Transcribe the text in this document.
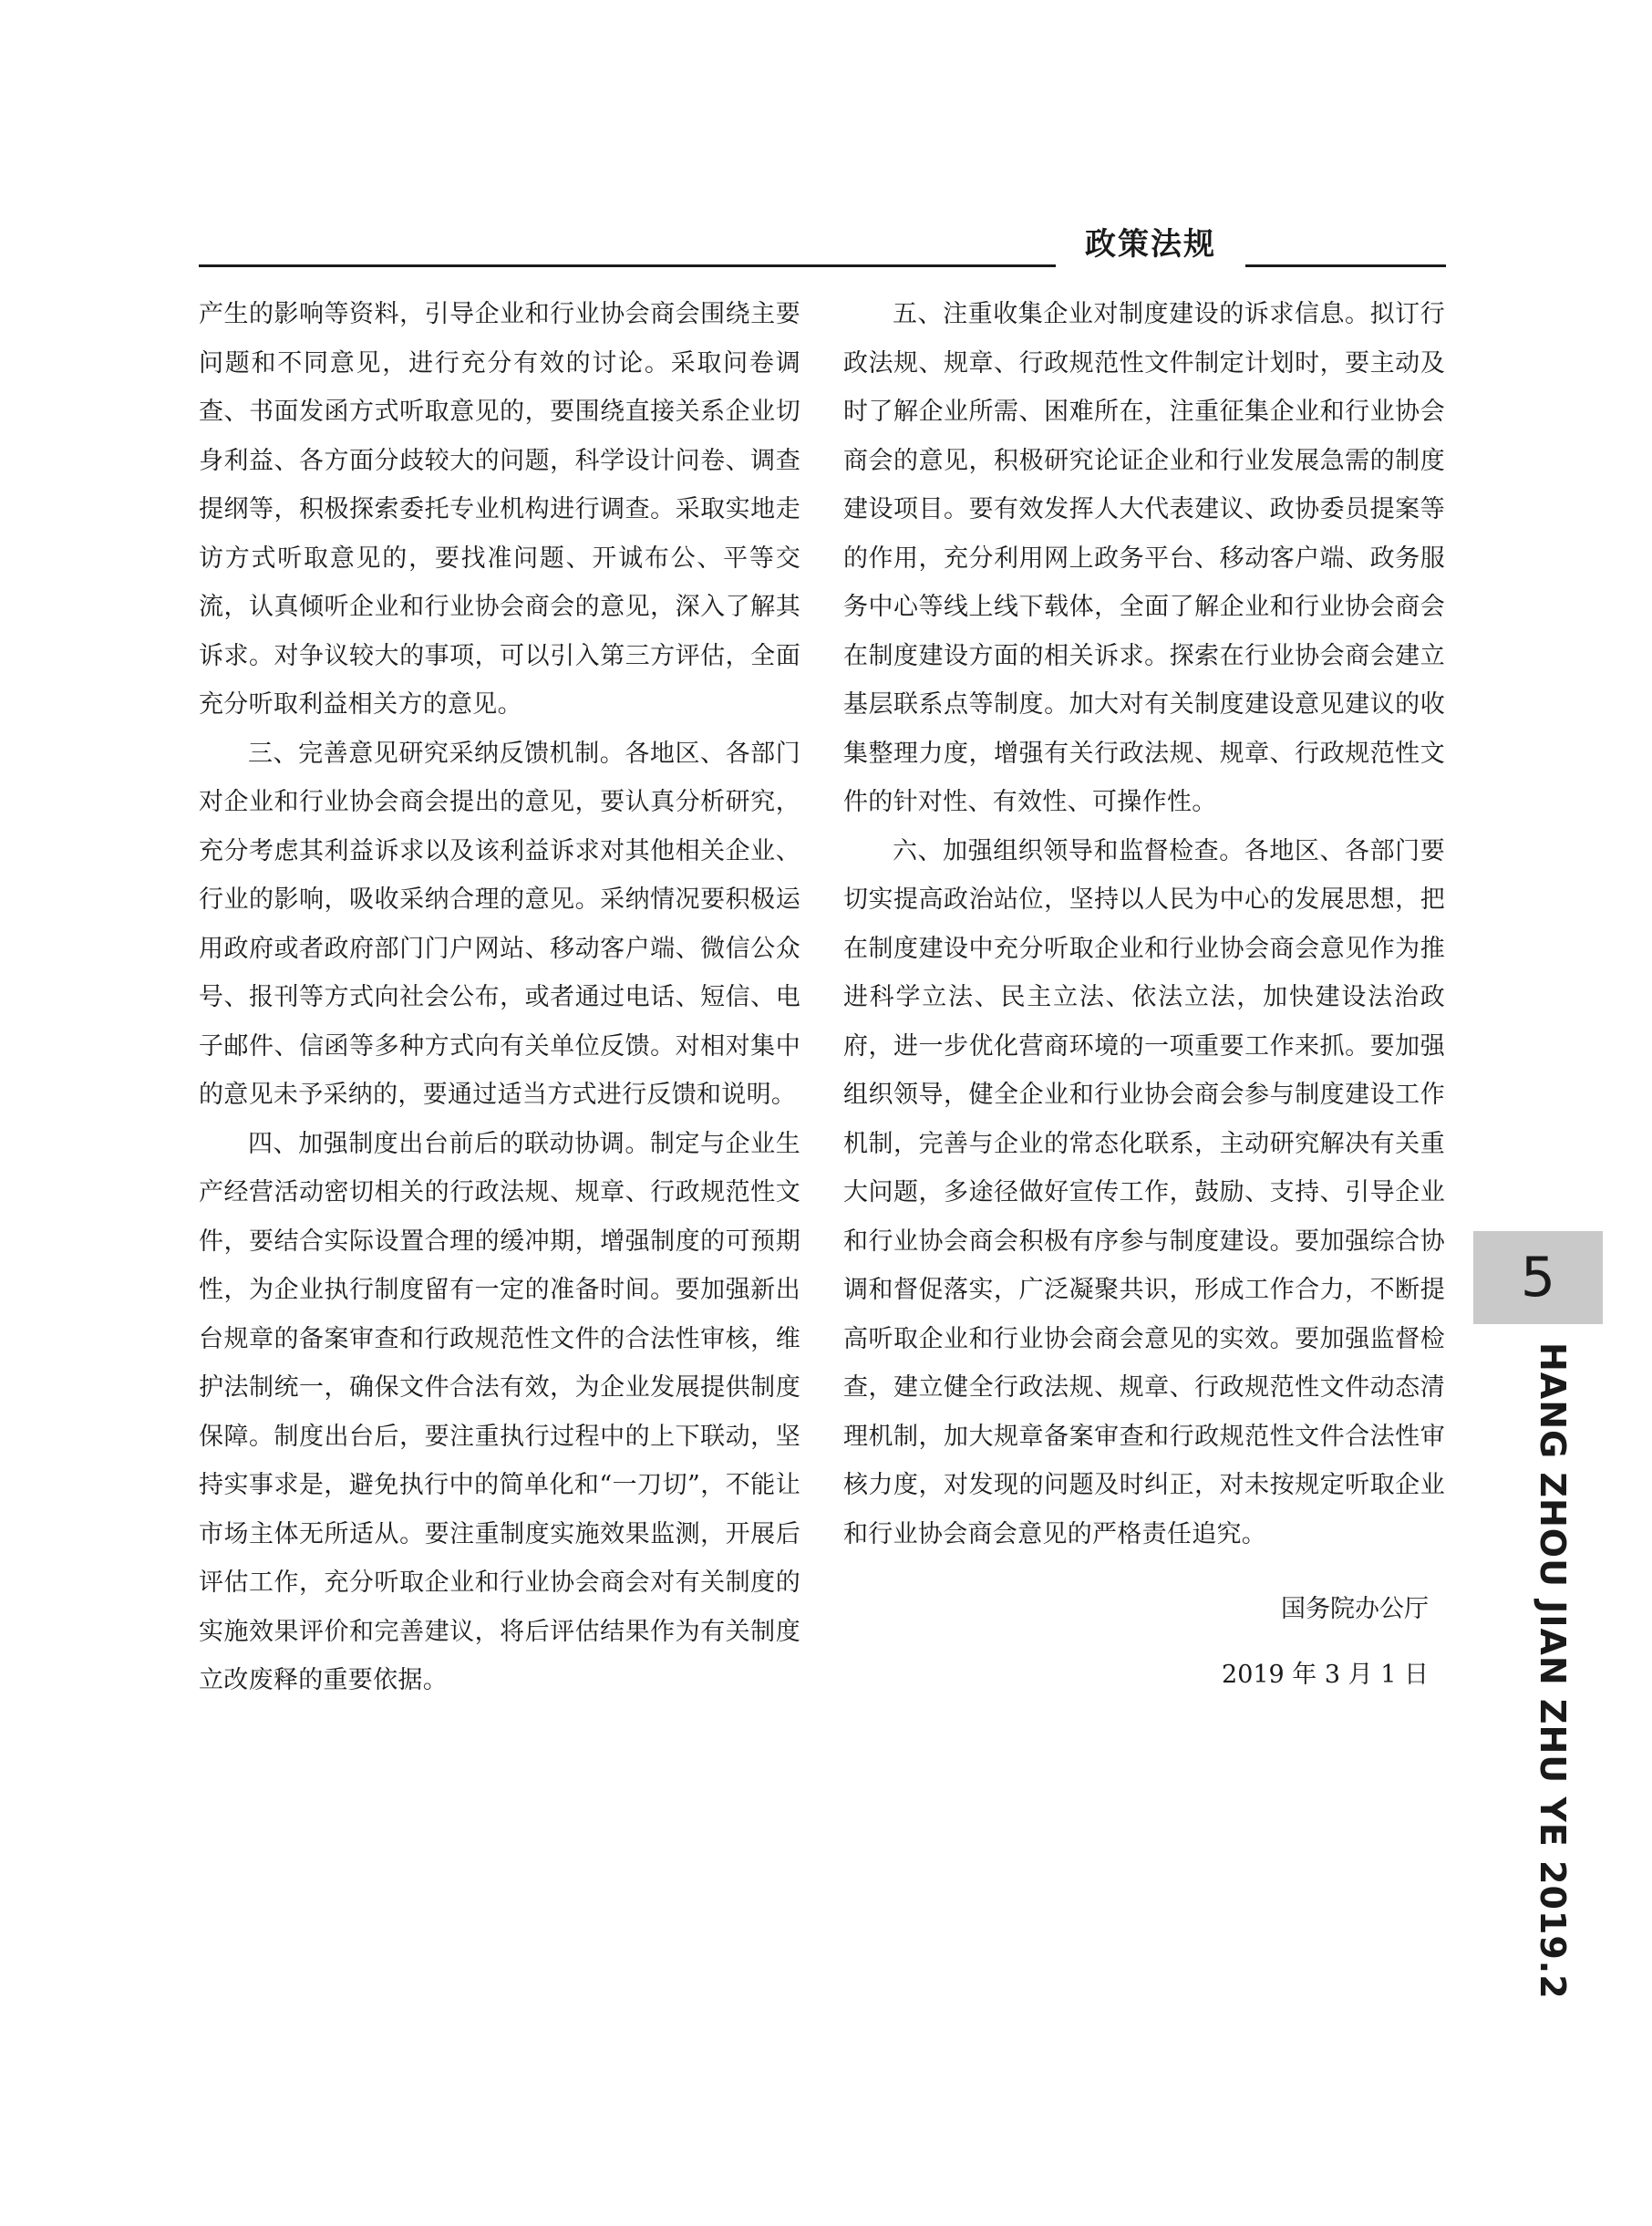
政策法规

产生的影响等资料，引导企业和行业协会商会围绕主要问题和不同意见，进行充分有效的讨论。采取问卷调查、书面发函方式听取意见的，要围绕直接关系企业切身利益、各方面分歧较大的问题，科学设计问卷、调查提纲等，积极探索委托专业机构进行调查。采取实地走访方式听取意见的，要找准问题、开诚布公、平等交流，认真倾听企业和行业协会商会的意见，深入了解其诉求。对争议较大的事项，可以引入第三方评估，全面充分听取利益相关方的意见。

三、完善意见研究采纳反馈机制。各地区、各部门对企业和行业协会商会提出的意见，要认真分析研究，充分考虑其利益诉求以及该利益诉求对其他相关企业、行业的影响，吸收采纳合理的意见。采纳情况要积极运用政府或者政府部门门户网站、移动客户端、微信公众号、报刊等方式向社会公布，或者通过电话、短信、电子邮件、信函等多种方式向有关单位反馈。对相对集中的意见未予采纳的，要通过适当方式进行反馈和说明。

四、加强制度出台前后的联动协调。制定与企业生产经营活动密切相关的行政法规、规章、行政规范性文件，要结合实际设置合理的缓冲期，增强制度的可预期性，为企业执行制度留有一定的准备时间。要加强新出台规章的备案审查和行政规范性文件的合法性审核，维护法制统一，确保文件合法有效，为企业发展提供制度保障。制度出台后，要注重执行过程中的上下联动，坚持实事求是，避免执行中的简单化和“一刀切”，不能让市场主体无所适从。要注重制度实施效果监测，开展后评估工作，充分听取企业和行业协会商会对有关制度的实施效果评价和完善建议，将后评估结果作为有关制度立改废释的重要依据。

五、注重收集企业对制度建设的诉求信息。拟订行政法规、规章、行政规范性文件制定计划时，要主动及时了解企业所需、困难所在，注重征集企业和行业协会商会的意见，积极研究论证企业和行业发展急需的制度建设项目。要有效发挥人大代表建议、政协委员提案等的作用，充分利用网上政务平台、移动客户端、政务服务中心等线上线下载体，全面了解企业和行业协会商会在制度建设方面的相关诉求。探索在行业协会商会建立基层联系点等制度。加大对有关制度建设意见建议的收集整理力度，增强有关行政法规、规章、行政规范性文件的针对性、有效性、可操作性。

六、加强组织领导和监督检查。各地区、各部门要切实提高政治站位，坚持以人民为中心的发展思想，把在制度建设中充分听取企业和行业协会商会意见作为推进科学立法、民主立法、依法立法，加快建设法治政府，进一步优化营商环境的一项重要工作来抓。要加强组织领导，健全企业和行业协会商会参与制度建设工作机制，完善与企业的常态化联系，主动研究解决有关重大问题，多途径做好宣传工作，鼓励、支持、引导企业和行业协会商会积极有序参与制度建设。要加强综合协调和督促落实，广泛凝聚共识，形成工作合力，不断提高听取企业和行业协会商会意见的实效。要加强监督检查，建立健全行政法规、规章、行政规范性文件动态清理机制，加大规章备案审查和行政规范性文件合法性审核力度，对发现的问题及时纠正，对未按规定听取企业和行业协会商会意见的严格责任追究。

国务院办公厅
2019 年 3 月 1 日
5
HANG ZHOU JIAN ZHU YE 2019.2
